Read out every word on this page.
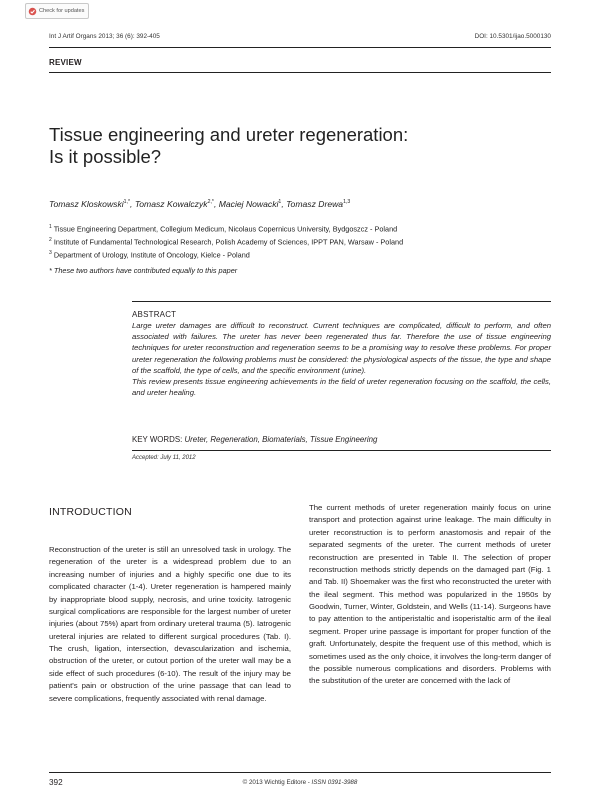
Check for updates
Int J Artif Organs 2013; 36 (6): 392-405	DOI: 10.5301/ijao.5000130
REVIEW
Tissue engineering and ureter regeneration:
Is it possible?
Tomasz Kloskowski$^{1,*}$, Tomasz Kowalczyk$^{2,*}$, Maciej Nowacki$^1$, Tomasz Drewa$^{1,3}$
$^1$ Tissue Engineering Department, Collegium Medicum, Nicolaus Copernicus University, Bydgoszcz - Poland
$^2$ Institute of Fundamental Technological Research, Polish Academy of Sciences, IPPT PAN, Warsaw - Poland
$^3$ Department of Urology, Institute of Oncology, Kielce - Poland
* These two authors have contributed equally to this paper
ABSTRACT

Large ureter damages are difficult to reconstruct. Current techniques are complicated, difficult to perform, and often associated with failures. The ureter has never been regenerated thus far. Therefore the use of tissue engineering techniques for ureter reconstruction and regeneration seems to be a promising way to resolve these problems. For proper ureter regeneration the following problems must be considered: the physiological aspects of the tissue, the type and shape of the scaffold, the type of cells, and the specific environment (urine).

This review presents tissue engineering achievements in the field of ureter regeneration focusing on the scaffold, the cells, and ureter healing.

KEY WORDS: Ureter, Regeneration, Biomaterials, Tissue Engineering
Accepted: July 11, 2012
INTRODUCTION

Reconstruction of the ureter is still an unresolved task in urology. The regeneration of the ureter is a widespread problem due to an increasing number of injuries and a highly specific one due to its complicated character (1-4). Ureter regeneration is hampered mainly by inappropriate blood supply, necrosis, and urine toxicity. Iatrogenic surgical complications are responsible for the largest number of ureter injuries (about 75%) apart from ordinary ureteral trauma (5). Iatrogenic ureteral injuries are related to different surgical procedures (Tab. I). The crush, ligation, intersection, devascularization and ischemia, obstruction of the ureter, or cutout portion of the ureter wall may be a side effect of such procedures (6-10). The result of the injury may be patient's pain or obstruction of the urine passage that can lead to severe complications, frequently associated with renal damage.

The current methods of ureter regeneration mainly focus on urine transport and protection against urine leakage. The main difficulty in ureter reconstruction is to perform anastomosis and repair of the separated segments of the ureter. The current methods of ureter reconstruction are presented in Table II. The selection of proper reconstruction methods strictly depends on the damaged part (Fig. 1 and Tab. II) Shoemaker was the first who reconstructed the ureter with the ileal segment. This method was popularized in the 1950s by Goodwin, Turner, Winter, Goldstein, and Wells (11-14). Surgeons have to pay attention to the antiperistaltic and isoperistaltic arm of the ileal segment. Proper urine passage is important for proper function of the graft. Unfortunately, despite the frequent use of this method, which is sometimes used as the only choice, it involves the long-term danger of the possible numerous complications and disorders. Problems with the substitution of the ureter are concerned with the lack of

© 2013 Wichtig Editore - ISSN 0391-3988
392
